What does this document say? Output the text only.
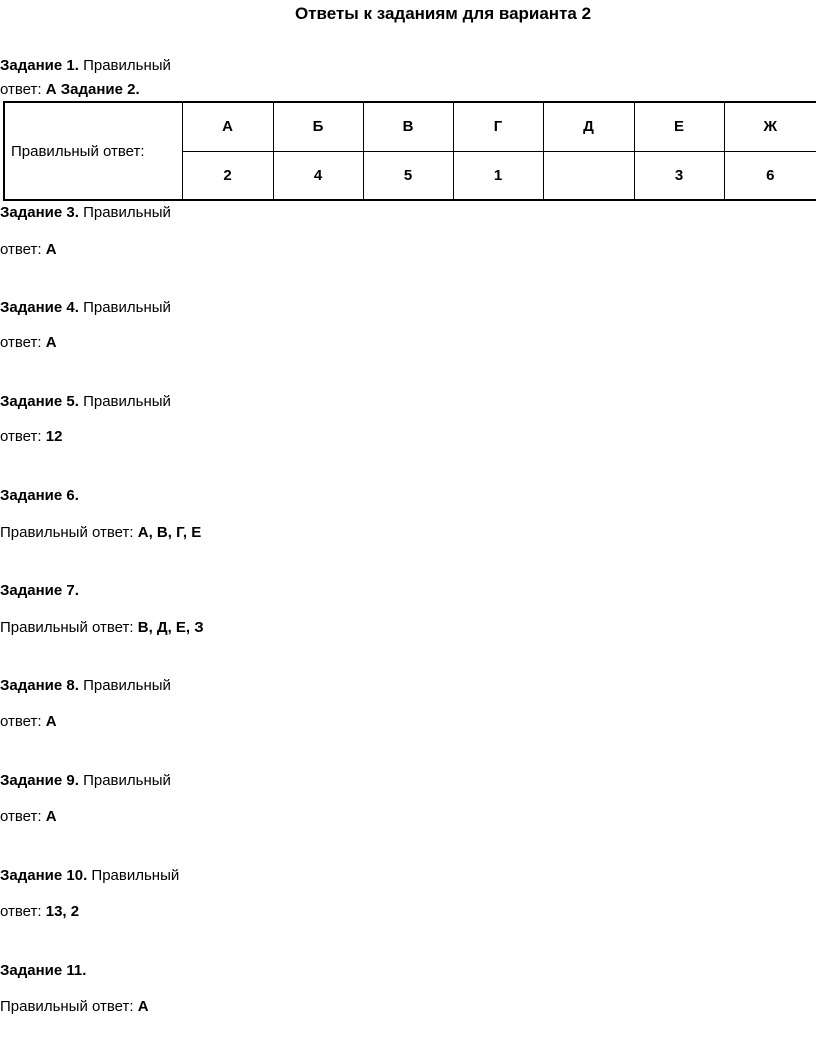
Ответы к заданиям для варианта 2
Задание 1. Правильный
ответ: А Задание 2.
Правильный ответ:	А	Б	В	Г	Д	Е	Ж
	2	4	5	1		3	6
Задание 3. Правильный
ответ: А
Задание 4. Правильный
ответ: А
Задание 5. Правильный
ответ: 12
Задание 6.
Правильный ответ: А, В, Г, Е
Задание 7.
Правильный ответ: В, Д, Е, З
Задание 8. Правильный
ответ: А
Задание 9. Правильный
ответ: А
Задание 10. Правильный
ответ: 13, 2
Задание 11.
Правильный ответ: А
